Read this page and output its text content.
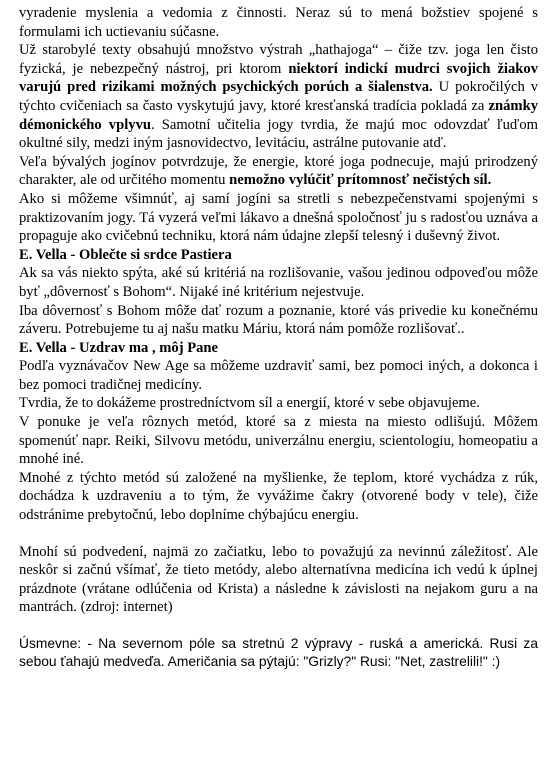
vyradenie myslenia a vedomia z činnosti. Neraz sú to mená božstiev spojené s formulami ich uctievaniu súčasne.

Už starobylé texty obsahujú množstvo výstrah „hathajoga“ – čiže tzv. joga len čisto fyzická, je nebezpečný nástroj, pri ktorom niektorí indickí mudrci svojich žiakov varujú pred rizikami možných psychických porúch a šialenstva. U pokročilých v týchto cvičeniach sa často vyskytujú javy, ktoré kresťanská tradícia pokladá za známky démonického vplyvu. Samotní učitelia jogy tvrdia, že majú moc odovzdať ľuďom okultné sily, medzi iným jasnovidectvo, levitáciu, astrálne putovanie atď.

Veľa bývalých jogínov potvrdzuje, že energie, ktoré joga podnecuje, majú prirodzený charakter, ale od určitého momentu nemožno vylúčiť prítomnosť nečistých síl.

Ako si môžeme všimnúť, aj samí jogíni sa stretli s nebezpečenstvami spojenými s praktizovaním jogy. Tá vyzerá veľmi lákavo a dnešná spoločnosť ju s radosťou uznáva a propaguje ako cvičebnú techniku, ktorá nám údajne zlepší telesný i duševný život.

E. Vella - Oblečte si srdce Pastiera

Ak sa vás niekto spýta, aké sú kritériá na rozlišovanie, vašou jedinou odpoveďou môže byť „dôvernosť s Bohom“. Nijaké iné kritérium nejestvuje.

Iba dôvernosť s Bohom môže dať rozum a poznanie, ktoré vás privedie ku konečnému záveru. Potrebujeme tu aj našu matku Máriu, ktorá nám pomôže rozlišovať..

E. Vella - Uzdrav ma , môj Pane

Podľa vyznávačov New Age sa môžeme uzdraviť sami, bez pomoci iných, a dokonca i bez pomoci tradičnej medicíny.

Tvrdia, že to dokážeme prostredníctvom síl a energií, ktoré v sebe objavujeme.

V ponuke je veľa rôznych metód, ktoré sa z miesta na miesto odlišujú. Môžem spomenúť napr. Reiki, Silvovu metódu, univerzálnu energiu, scientologiu, homeopatiu a mnohé iné.

Mnohé z týchto metód sú založené na myšlienke, že teplom, ktoré vychádza z rúk, dochádza k uzdraveniu a to tým, že vyvážime čakry (otvorené body v tele), čiže odstránime prebytočnú, lebo doplníme chýbajúcu energiu.

Mnohí sú podvedení, najmä zo začiatku, lebo to považujú za nevinnú záležitosť. Ale neskôr si začnú všímať, že tieto metódy, alebo alternatívna medicína ich vedú k úplnej prázdnote (vrátane odlúčenia od Krista) a následne k závislosti na nejakom guru a na mantrách. (zdroj: internet)

Úsmevne: - Na severnom póle sa stretnú 2 výpravy - ruská a americká. Rusi za sebou ťahajú medveďa. Američania sa pýtajú: "Grizly?" Rusi: "Net, zastrelili!" :)
